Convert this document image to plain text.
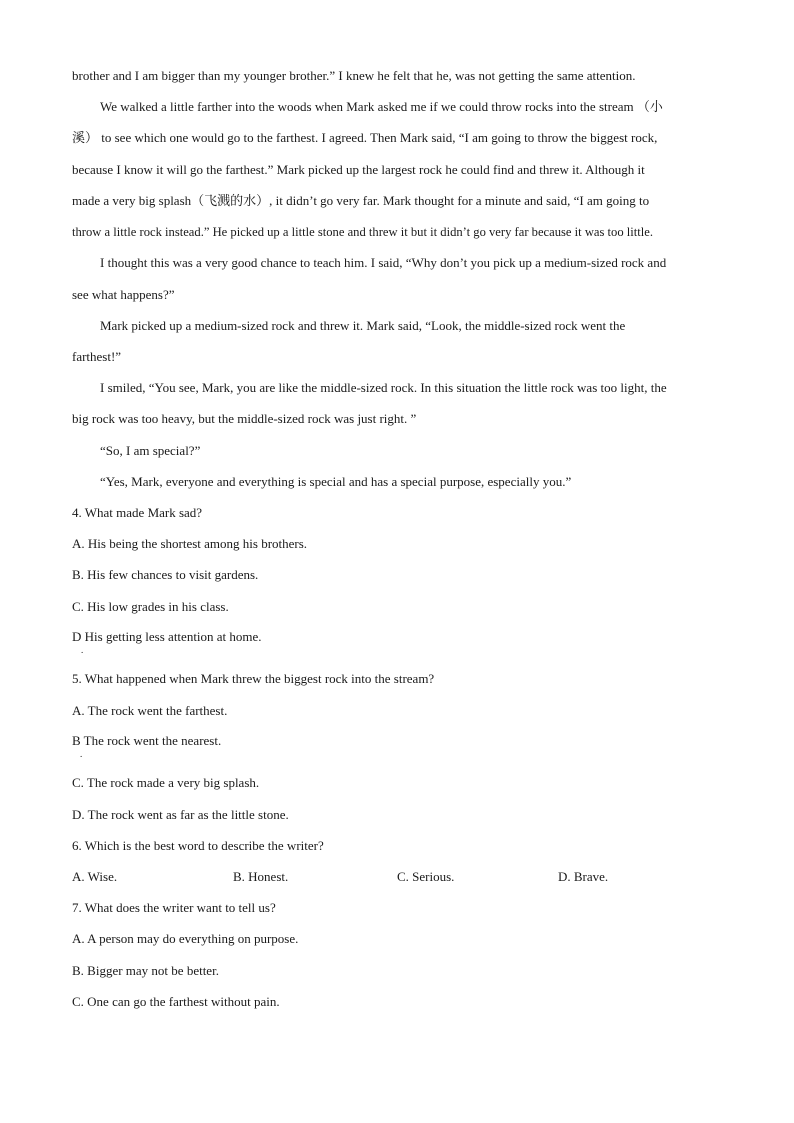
brother and I am bigger than my younger brother.” I knew he felt that he, was not getting the same attention.
We walked a little farther into the woods when Mark asked me if we could throw rocks into the stream （小
溪） to see which one would go to the farthest. I agreed. Then Mark said, “I am going to throw the biggest rock,
because I know it will go the farthest.” Mark picked up the largest rock he could find and threw it. Although it
made a very big splash（飞溅的水）, it didn’t go very far. Mark thought for a minute and said, “I am going to
throw a little rock instead.” He picked up a little stone and threw it but it didn’t go very far because it was too little.
I thought this was a very good chance to teach him. I said, “Why don’t you pick up a medium-sized rock and
see what happens?”
Mark picked up a medium-sized rock and threw it. Mark said, “Look, the middle-sized rock went the
farthest!”
I smiled, “You see, Mark, you are like the middle-sized rock. In this situation the little rock was too light, the
big rock was too heavy, but the middle-sized rock was just right. ”
“So, I am special?”
“Yes, Mark, everyone and everything is special and has a special purpose, especially you.”
4. What made Mark sad?
A. His being the shortest among his brothers.
B. His few chances to visit gardens.
C. His low grades in his class.
D His getting less attention at home.
.
5. What happened when Mark threw the biggest rock into the stream?
A. The rock went the farthest.
B The rock went the nearest.
.
C. The rock made a very big splash.
D. The rock went as far as the little stone.
6. Which is the best word to describe the writer?
A. Wise.	B. Honest.	C. Serious.	D. Brave.
7. What does the writer want to tell us?
A. A person may do everything on purpose.
B. Bigger may not be better.
C. One can go the farthest without pain.
